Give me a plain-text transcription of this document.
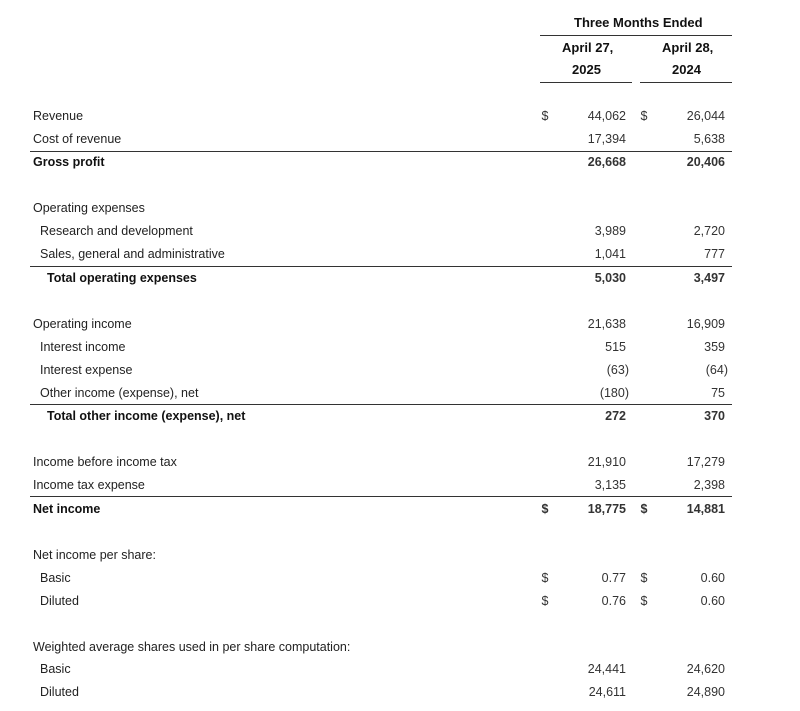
Three Months Ended
April 27,	April 28,
2025	2024
Revenue	$	44,062 $	26,044
Cost of revenue	17,394	5,638
Gross profit	26,668	20,406
Operating expenses
Research and development	3,989	2,720
Sales, general and administrative	1,041	777
Total operating expenses	5,030	3,497
Operating income	21,638	16,909
Interest income	515	359
Interest expense	(63)	(64)
Other income (expense), net	(180)	75
Total other income (expense), net	272	370
Income before income tax	21,910	17,279
Income tax expense	3,135	2,398
Net income	$	18,775 $	14,881
Net income per share:
Basic	$	0.77 $	0.60
Diluted	$	0.76 $	0.60
Weighted average shares used in per share computation:
Basic	24,441	24,620
Diluted	24,611	24,890
